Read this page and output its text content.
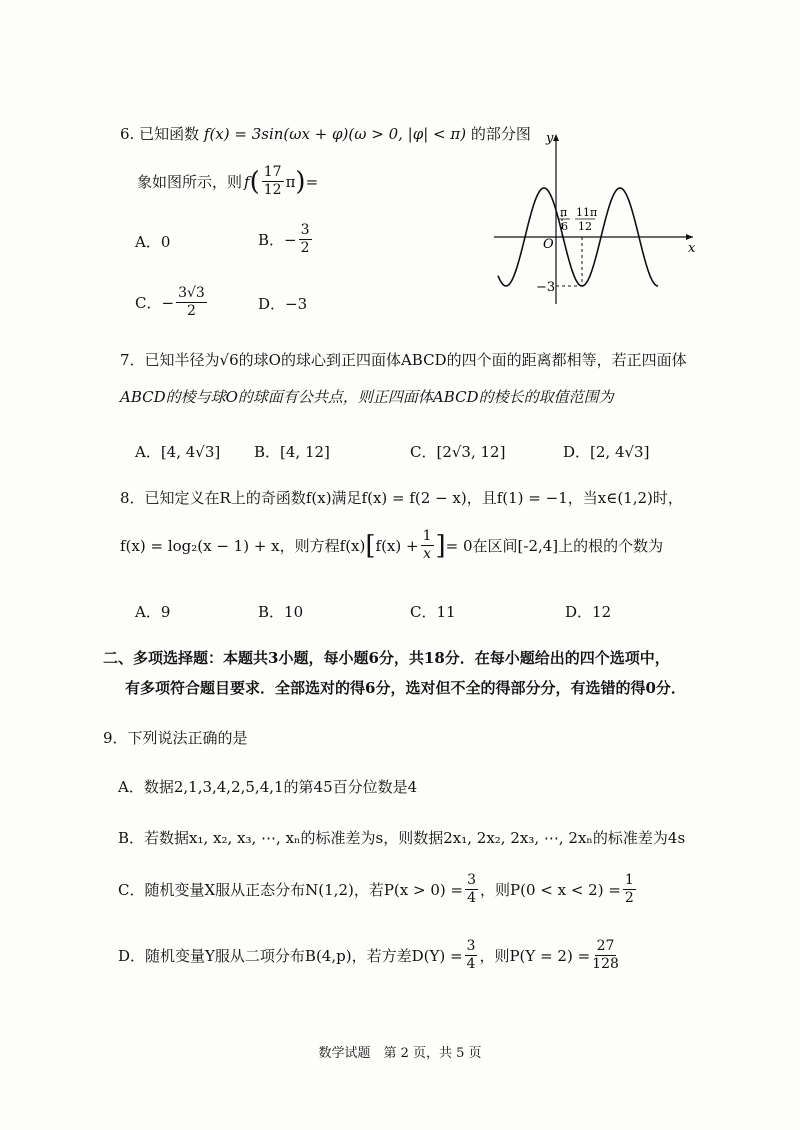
6. 已知函数 f(x) = 3sin(ωx + φ)(ω > 0, |φ| < π) 的部分图
象如图所示，则 f ( $\frac{17}{12}$ π ) =
A．0	B． − $\frac{3}{2}$
C． − $\frac{3√3}{2}$	D．−3
y
x
O
−3
π
6
11π
12
7．已知半径为√6的球O的球心到正四面体ABCD的四个面的距离都相等，若正四面体
ABCD的棱与球O的球面有公共点，则正四面体ABCD的棱长的取值范围为
A．[4, 4√3] B．[4, 12]	C．[2√3, 12]	D．[2, 4√3]
8．已知定义在R上的奇函数f(x)满足f(x) = f(2 − x)，且f(1) = −1，当x∈(1,2)时，
f(x) = log₂(x − 1) + x，则方程f(x) [ $f(x) + \frac{1}{x}$ ] = 0在区间[-2,4]上的根的个数为
A．9	B．10	C．11	D．12
二、多项选择题：本题共3小题，每小题6分，共18分．在每小题给出的四个选项中，
有多项符合题目要求．全部选对的得6分，选对但不全的得部分分，有选错的得0分．
9．下列说法正确的是
A．数据2,1,3,4,2,5,4,1的第45百分位数是4
B．若数据x₁, x₂, x₃, ⋯, xₙ的标准差为s，则数据2x₁, 2x₂, 2x₃, ⋯, 2xₙ的标准差为4s
C．随机变量X服从正态分布N(1,2)，若$P(x > 0) = \frac{3}{4}$ ，则$P(0 < x < 2) = \frac{1}{2}$
D．随机变量Y服从二项分布B(4,p)，若方差$D(Y) = \frac{3}{4}$ ，则$P(Y = 2) = \frac{27}{128}$
数学试题　第 2 页，共 5 页
